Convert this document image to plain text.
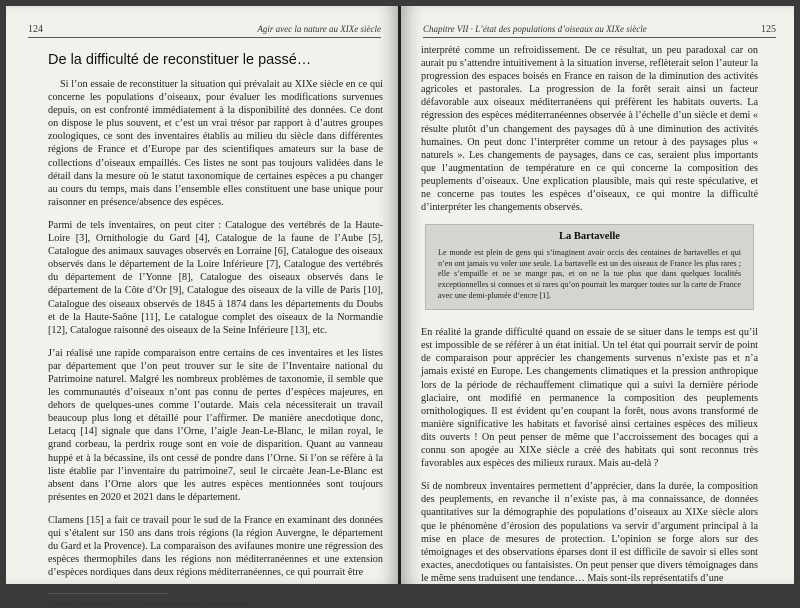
124	Agir avec la nature au XIXe siècle
De la difficulté de reconstituer le passé…

Si l’on essaie de reconstituer la situation qui prévalait au XIXe siècle en ce qui concerne les populations d’oiseaux, pour évaluer les modifications survenues depuis, on est confronté immédiatement à la disponibilité des données. Ce dont on dispose le plus souvent, et c’est un vrai trésor par rapport à d’autres groupes zoologiques, ce sont des inventaires établis au milieu du siècle dans différentes régions de France et d’Europe par des scientifiques amateurs sur la base de collections d’oiseaux empaillés. Ces listes ne sont pas toujours validées dans le détail dans la mesure où le statut taxonomique de certaines espèces a pu changer au cours du temps, mais dans l’ensemble elles constituent une base unique pour raisonner en présence/absence des espèces.

Parmi de tels inventaires, on peut citer : Catalogue des vertébrés de la Haute-Loire [3], Ornithologie du Gard [4], Catalogue de la faune de l’Aube [5], Catalogue des animaux sauvages observés en Lorraine [6], Catalogue des oiseaux observés dans le département de la Loire Inférieure [7], Catalogue des vertébrés du département de l’Yonne [8], Catalogue des oiseaux observés dans le département de la Côte d’Or [9], Catalogue des oiseaux de la ville de Paris [10], Catalogue des oiseaux observés de 1845 à 1874 dans les départements du Doubs et de la Haute-Saône [11], Le catalogue complet des oiseaux de la Normandie [12], Catalogue raisonné des oiseaux de la Seine Inférieure [13], etc.

J’ai réalisé une rapide comparaison entre certains de ces inventaires et les listes par département que l’on peut trouver sur le site de l’Inventaire national du Patrimoine naturel. Malgré les nombreux problèmes de taxonomie, il semble que les communautés d’oiseaux n’ont pas connu de pertes d’espèces majeures, en dehors de quelques-unes comme l’outarde. Mais cela nécessiterait un travail beaucoup plus long et détaillé pour l’affirmer. De manière anecdotique donc, Letacq [14] signale que dans l’Orne, l’aigle Jean-Le-Blanc, le milan royal, le grand corbeau, la perdrix rouge sont en voie de disparition. Quant au vanneau huppé et à la bécassine, ils ont cessé de pondre dans l’Orne. Si l’on se réfère à la liste établie par l’inventaire du patrimoine7, seul le circaète Jean-Le-Blanc est absent dans l’Orne alors que les autres espèces mentionnées sont toujours présentes en 2020 et 2021 dans le département.

Clamens [15] a fait ce travail pour le sud de la France en examinant des données qui s’étalent sur 150 ans dans trois régions (la région Auvergne, le département du Gard et la Provence). La comparaison des avifaunes montre une régression des espèces thermophiles dans les régions non méditerranéennes et une extension d’espèces nordiques dans deux régions méditerranéennes, ce qui pourrait être

7 https://inpn.mnhn.fr/collTerr/departement/61/tab/especes
Chapitre VII · L’état des populations d’oiseaux au XIXe siècle	125

interprété comme un refroidissement. De ce résultat, un peu paradoxal car on aurait pu s’attendre intuitivement à la situation inverse, reflèterait selon l’auteur la progression des espaces boisés en France en raison de la diminution des activités agricoles et pastorales. La progression de la forêt serait ainsi un facteur défavorable aux oiseaux méditerranéens qui préfèrent les habitats ouverts. La régression des espèces méditerranéennes observée à l’échelle d’un siècle et demi « résulte plutôt d’un changement des paysages dû à une diminution des activités humaines. On peut donc l’interpréter comme un retour à des paysages plus « naturels ». Les changements de paysages, dans ce cas, seraient plus importants que l’augmentation de température en ce qui concerne la composition des peuplements d’oiseaux. Une explication plausible, mais qui reste spéculative, et ne concerne pas toutes les espèces d’oiseaux, ce qui montre la difficulté d’interpréter les changements observés.

La Bartavelle

Le monde est plein de gens qui s’imaginent avoir occis des centaines de bartavelles et qui n’en ont jamais vu voler une seule. La bartavelle est un des oiseaux de France les plus rares ; elle s’empaille et ne se mange pas, et on ne la tue plus que dans quelques localités exceptionnelles si connues et si rares qu’on pourrait les marquer toutes sur la carte de France avec une demi-plumée d’encre [1].

En réalité la grande difficulté quand on essaie de se situer dans le temps est qu’il est impossible de se référer à un état initial. Un tel état qui pourrait servir de point de comparaison pour apprécier les changements survenus n’existe pas et n’a jamais existé en Europe. Les changements climatiques et la pression anthropique lors de la période de réchauffement climatique qui a suivi la dernière période glaciaire, ont modifié en permanence la composition des peuplements ornithologiques. Il est évident qu’en coupant la forêt, nous avons transformé de manière significative les habitats et favorisé ainsi certaines espèces des milieux dits ouverts ! On peut penser de même que l’accroissement des bocages qui a connu son apogée au XIXe siècle a créé des habitats qui sont reconnus très favorables aux espèces des milieux ruraux. Mais au-delà ?

Si de nombreux inventaires permettent d’apprécier, dans la durée, la composition des peuplements, en revanche il n’existe pas, à ma connaissance, de données quantitatives sur la démographie des populations d’oiseaux au XIXe siècle alors que le phénomène d’érosion des populations va servir d’argument principal à la mise en place de mesures de protection. L’opinion se forge alors sur des témoignages et des observations éparses dont il est difficile de savoir si elles sont exactes, anecdotiques ou fantaisistes. On peut penser que divers témoignages dans le même sens traduisent une tendance… Mais sont-ils représentatifs d’une
